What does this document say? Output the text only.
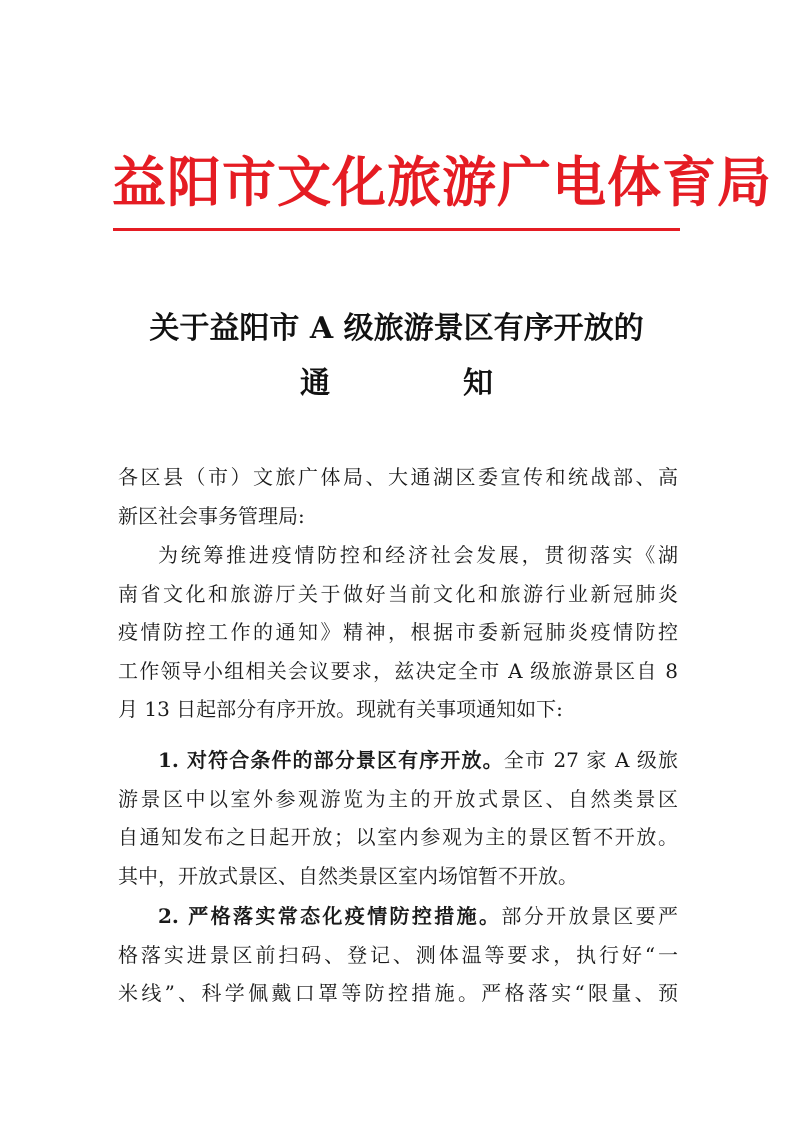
益阳市文化旅游广电体育局
关于益阳市 A 级旅游景区有序开放的
通	知
各区县（市）文旅广体局、大通湖区委宣传和统战部、高
新区社会事务管理局:
为统筹推进疫情防控和经济社会发展，贯彻落实《湖
南省文化和旅游厅关于做好当前文化和旅游行业新冠肺炎
疫情防控工作的通知》精神，根据市委新冠肺炎疫情防控
工作领导小组相关会议要求，兹决定全市 A 级旅游景区自 8
月 13 日起部分有序开放。现就有关事项通知如下:
1. 对符合条件的部分景区有序开放。全市 27 家 A 级旅
游景区中以室外参观游览为主的开放式景区、自然类景区
自通知发布之日起开放；以室内参观为主的景区暂不开放。
其中，开放式景区、自然类景区室内场馆暂不开放。
2. 严格落实常态化疫情防控措施。部分开放景区要严
格落实进景区前扫码、登记、测体温等要求，执行好“一
米线”、科学佩戴口罩等防控措施。严格落实“限量、预
